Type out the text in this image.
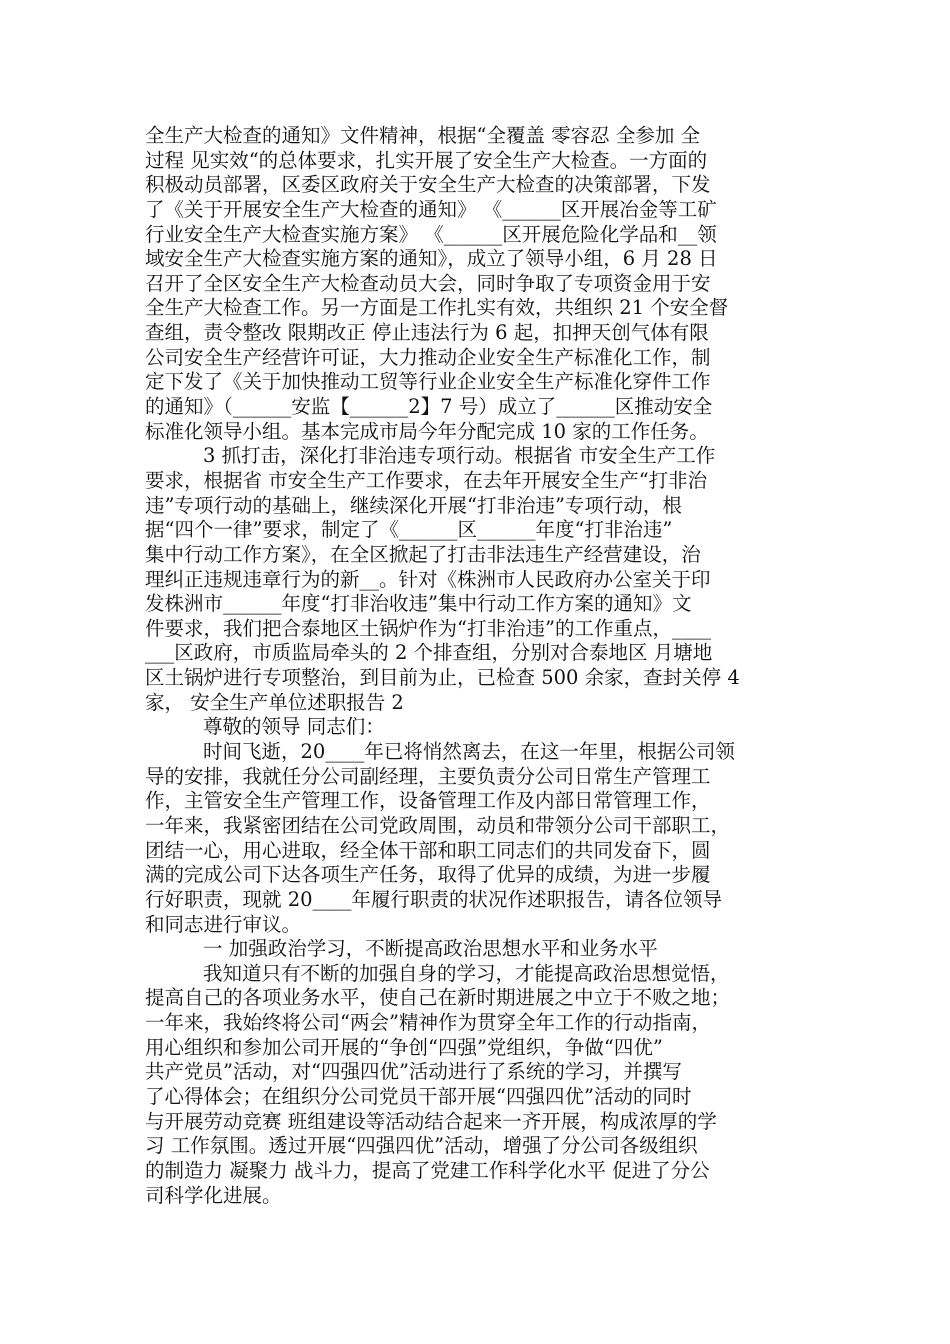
全生产大检查的通知》文件精神，根据“全覆盖 零容忍 全参加 全
过程 见实效“的总体要求，扎实开展了安全生产大检查。一方面的
积极动员部署，区委区政府关于安全生产大检查的决策部署，下发
了《关于开展安全生产大检查的通知》 《______区开展冶金等工矿
行业安全生产大检查实施方案》 《______区开展危险化学品和__领
域安全生产大检查实施方案的通知》，成立了领导小组，6 月 28 日
召开了全区安全生产大检查动员大会，同时争取了专项资金用于安
全生产大检查工作。另一方面是工作扎实有效，共组织 21 个安全督
查组，责令整改 限期改正 停止违法行为 6 起，扣押天创气体有限
公司安全生产经营许可证，大力推动企业安全生产标准化工作，制
定下发了《关于加快推动工贸等行业企业安全生产标准化穿件工作
的通知》（______安监【______2】7 号）成立了______区推动安全
标准化领导小组。基本完成市局今年分配完成 10 家的工作任务。
3 抓打击，深化打非治违专项行动。根据省 市安全生产工作
要求，根据省 市安全生产工作要求，在去年开展安全生产“打非治
违”专项行动的基础上，继续深化开展“打非治违”专项行动，根
据“四个一律”要求，制定了《______区______年度“打非治违”
集中行动工作方案》，在全区掀起了打击非法违生产经营建设，治
理纠正违规违章行为的新__。针对《株洲市人民政府办公室关于印
发株洲市______年度“打非治收违”集中行动工作方案的通知》文
件要求，我们把合泰地区土锅炉作为“打非治违”的工作重点，____
___区政府，市质监局牵头的 2 个排查组，分别对合泰地区 月塘地
区土锅炉进行专项整治，到目前为止，已检查 500 余家，查封关停 4
家， 安全生产单位述职报告 2
尊敬的领导 同志们：
时间飞逝，20____年已将悄然离去，在这一年里，根据公司领
导的安排，我就任分公司副经理，主要负责分公司日常生产管理工
作，主管安全生产管理工作，设备管理工作及内部日常管理工作，
一年来，我紧密团结在公司党政周围，动员和带领分公司干部职工，
团结一心，用心进取，经全体干部和职工同志们的共同发奋下，圆
满的完成公司下达各项生产任务，取得了优异的成绩，为进一步履
行好职责，现就 20____年履行职责的状况作述职报告，请各位领导
和同志进行审议。
一 加强政治学习，不断提高政治思想水平和业务水平
我知道只有不断的加强自身的学习，才能提高政治思想觉悟，
提高自己的各项业务水平，使自己在新时期进展之中立于不败之地；
一年来，我始终将公司“两会”精神作为贯穿全年工作的行动指南，
用心组织和参加公司开展的“争创“四强”党组织，争做“四优”
共产党员”活动，对“四强四优”活动进行了系统的学习，并撰写
了心得体会；在组织分公司党员干部开展“四强四优”活动的同时
与开展劳动竞赛 班组建设等活动结合起来一齐开展，构成浓厚的学
习 工作氛围。透过开展“四强四优”活动，增强了分公司各级组织
的制造力 凝聚力 战斗力，提高了党建工作科学化水平 促进了分公
司科学化进展。
